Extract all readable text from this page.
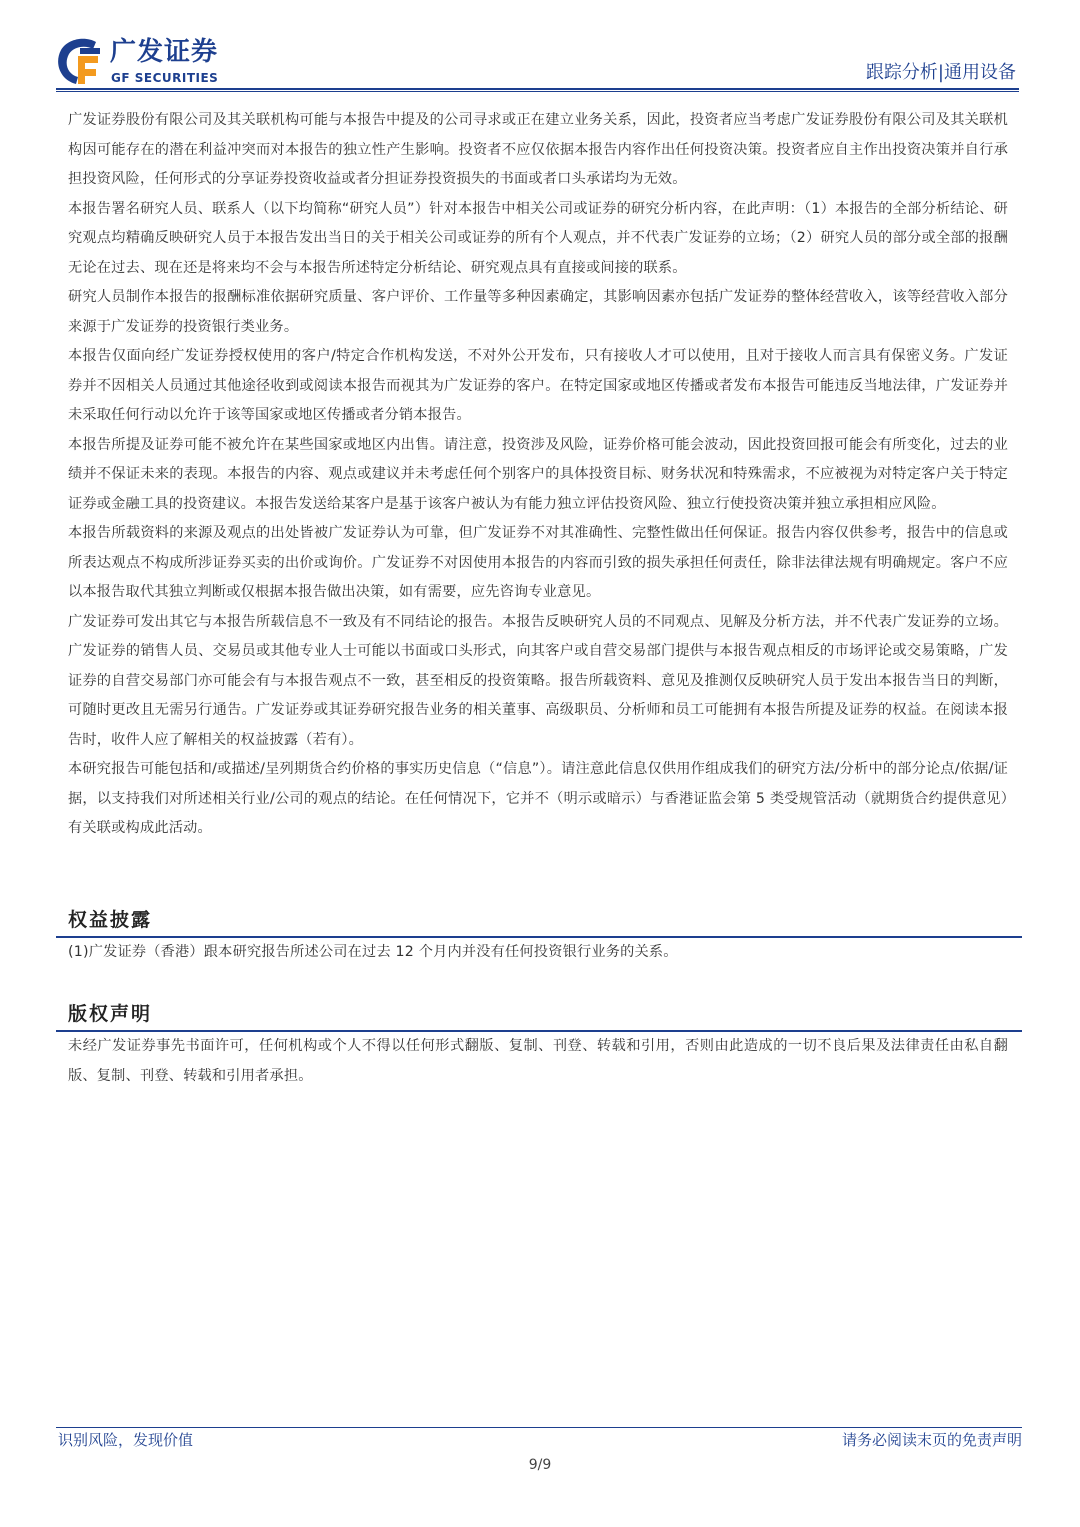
广发证券
GF SECURITIES	跟踪分析|通用设备

广发证券股份有限公司及其关联机构可能与本报告中提及的公司寻求或正在建立业务关系，因此，投资者应当考虑广发证券股份有限公司及其关联机构因可能存在的潜在利益冲突而对本报告的独立性产生影响。投资者不应仅依据本报告内容作出任何投资决策。投资者应自主作出投资决策并自行承担投资风险，任何形式的分享证券投资收益或者分担证券投资损失的书面或者口头承诺均为无效。

本报告署名研究人员、联系人（以下均简称“研究人员”）针对本报告中相关公司或证券的研究分析内容，在此声明：（1）本报告的全部分析结论、研究观点均精确反映研究人员于本报告发出当日的关于相关公司或证券的所有个人观点，并不代表广发证券的立场；（2）研究人员的部分或全部的报酬无论在过去、现在还是将来均不会与本报告所述特定分析结论、研究观点具有直接或间接的联系。

研究人员制作本报告的报酬标准依据研究质量、客户评价、工作量等多种因素确定，其影响因素亦包括广发证券的整体经营收入，该等经营收入部分来源于广发证券的投资银行类业务。

本报告仅面向经广发证券授权使用的客户/特定合作机构发送，不对外公开发布，只有接收人才可以使用，且对于接收人而言具有保密义务。广发证券并不因相关人员通过其他途径收到或阅读本报告而视其为广发证券的客户。在特定国家或地区传播或者发布本报告可能违反当地法律，广发证券并未采取任何行动以允许于该等国家或地区传播或者分销本报告。

本报告所提及证券可能不被允许在某些国家或地区内出售。请注意，投资涉及风险，证券价格可能会波动，因此投资回报可能会有所变化，过去的业绩并不保证未来的表现。本报告的内容、观点或建议并未考虑任何个别客户的具体投资目标、财务状况和特殊需求，不应被视为对特定客户关于特定证券或金融工具的投资建议。本报告发送给某客户是基于该客户被认为有能力独立评估投资风险、独立行使投资决策并独立承担相应风险。

本报告所载资料的来源及观点的出处皆被广发证券认为可靠，但广发证券不对其准确性、完整性做出任何保证。报告内容仅供参考，报告中的信息或所表达观点不构成所涉证券买卖的出价或询价。广发证券不对因使用本报告的内容而引致的损失承担任何责任，除非法律法规有明确规定。客户不应以本报告取代其独立判断或仅根据本报告做出决策，如有需要，应先咨询专业意见。

广发证券可发出其它与本报告所载信息不一致及有不同结论的报告。本报告反映研究人员的不同观点、见解及分析方法，并不代表广发证券的立场。广发证券的销售人员、交易员或其他专业人士可能以书面或口头形式，向其客户或自营交易部门提供与本报告观点相反的市场评论或交易策略，广发证券的自营交易部门亦可能会有与本报告观点不一致，甚至相反的投资策略。报告所载资料、意见及推测仅反映研究人员于发出本报告当日的判断，可随时更改且无需另行通告。广发证券或其证券研究报告业务的相关董事、高级职员、分析师和员工可能拥有本报告所提及证券的权益。在阅读本报告时，收件人应了解相关的权益披露（若有）。

本研究报告可能包括和/或描述/呈列期货合约价格的事实历史信息（“信息”）。请注意此信息仅供用作组成我们的研究方法/分析中的部分论点/依据/证据，以支持我们对所述相关行业/公司的观点的结论。在任何情况下，它并不（明示或暗示）与香港证监会第 5 类受规管活动（就期货合约提供意见）有关联或构成此活动。

权益披露

(1)广发证券（香港）跟本研究报告所述公司在过去 12 个月内并没有任何投资银行业务的关系。

版权声明

未经广发证券事先书面许可，任何机构或个人不得以任何形式翻版、复制、刊登、转载和引用，否则由此造成的一切不良后果及法律责任由私自翻版、复制、刊登、转载和引用者承担。

识别风险，发现价值	请务必阅读末页的免责声明
9/9
